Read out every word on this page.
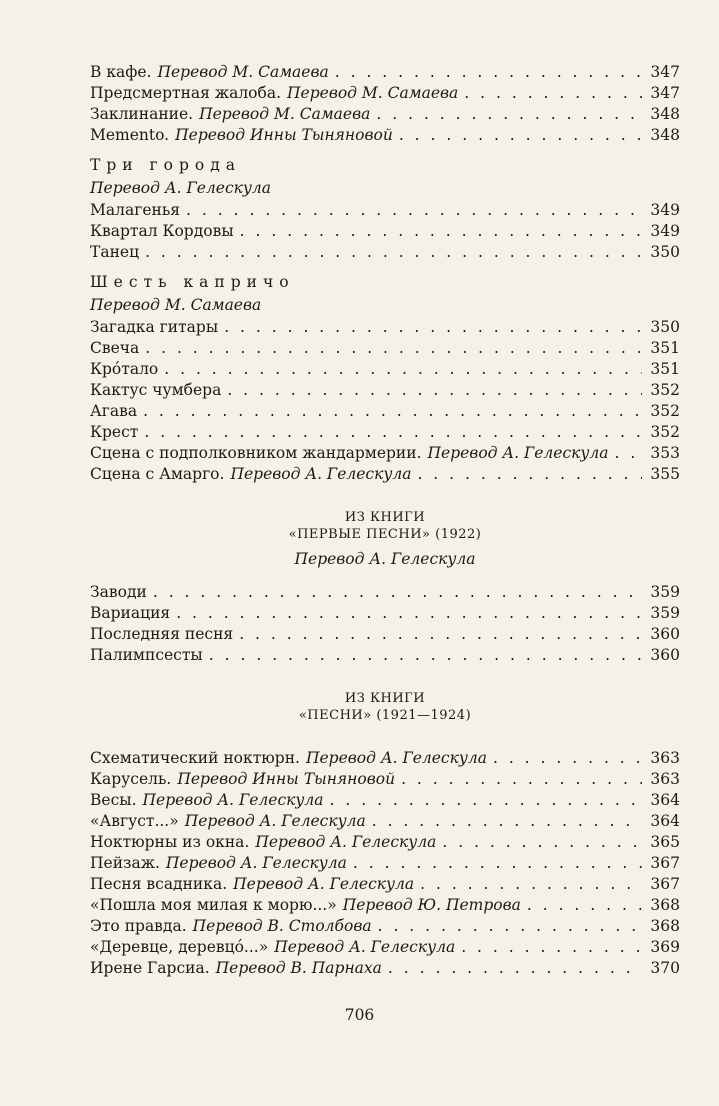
В кафе. Перевод М. Самаева . . .	347
Предсмертная жалоба. Перевод М. Самаева . . .	347
Заклинание. Перевод М. Самаева . . .	348
Memento. Перевод Инны Тыняновой . . .	348
Три города
Перевод А. Гелескула
Малагенья . . .	349
Квартал Кордовы . . .	349
Танец . . .	350
Шесть капричо
Перевод М. Самаева
Загадка гитары . . .	350
Свеча . . .	351
Кро́тало . . .	351
Кактус чумбера . . .	352
Агава . . .	352
Крест . . .	352
Сцена с подполковником жандармерии. Перевод А. Гелескула . . .	353
Сцена с Амарго. Перевод А. Гелескула . . .	355
ИЗ КНИГИ
«ПЕРВЫЕ ПЕСНИ» (1922)
Перевод А. Гелескула
Заводи . . .	359
Вариация . . .	359
Последняя песня . . .	360
Палимпсесты . . .	360
ИЗ КНИГИ
«ПЕСНИ» (1921—1924)
Схематический ноктюрн. Перевод А. Гелескула . . .	363
Карусель. Перевод Инны Тыняновой . . .	363
Весы. Перевод А. Гелескула . . .	364
«Август...» Перевод А. Гелескула . . .	364
Ноктюрны из окна. Перевод А. Гелескула . . .	365
Пейзаж. Перевод А. Гелескула . . .	367
Песня всадника. Перевод А. Гелескула . . .	367
«Пошла моя милая к морю...» Перевод Ю. Петрова . . .	368
Это правда. Перевод В. Столбова . . .	368
«Деревце, деревцо́...» Перевод А. Гелескула . . .	369
Ирене Гарсиа. Перевод В. Парнаха . . .	370
706
